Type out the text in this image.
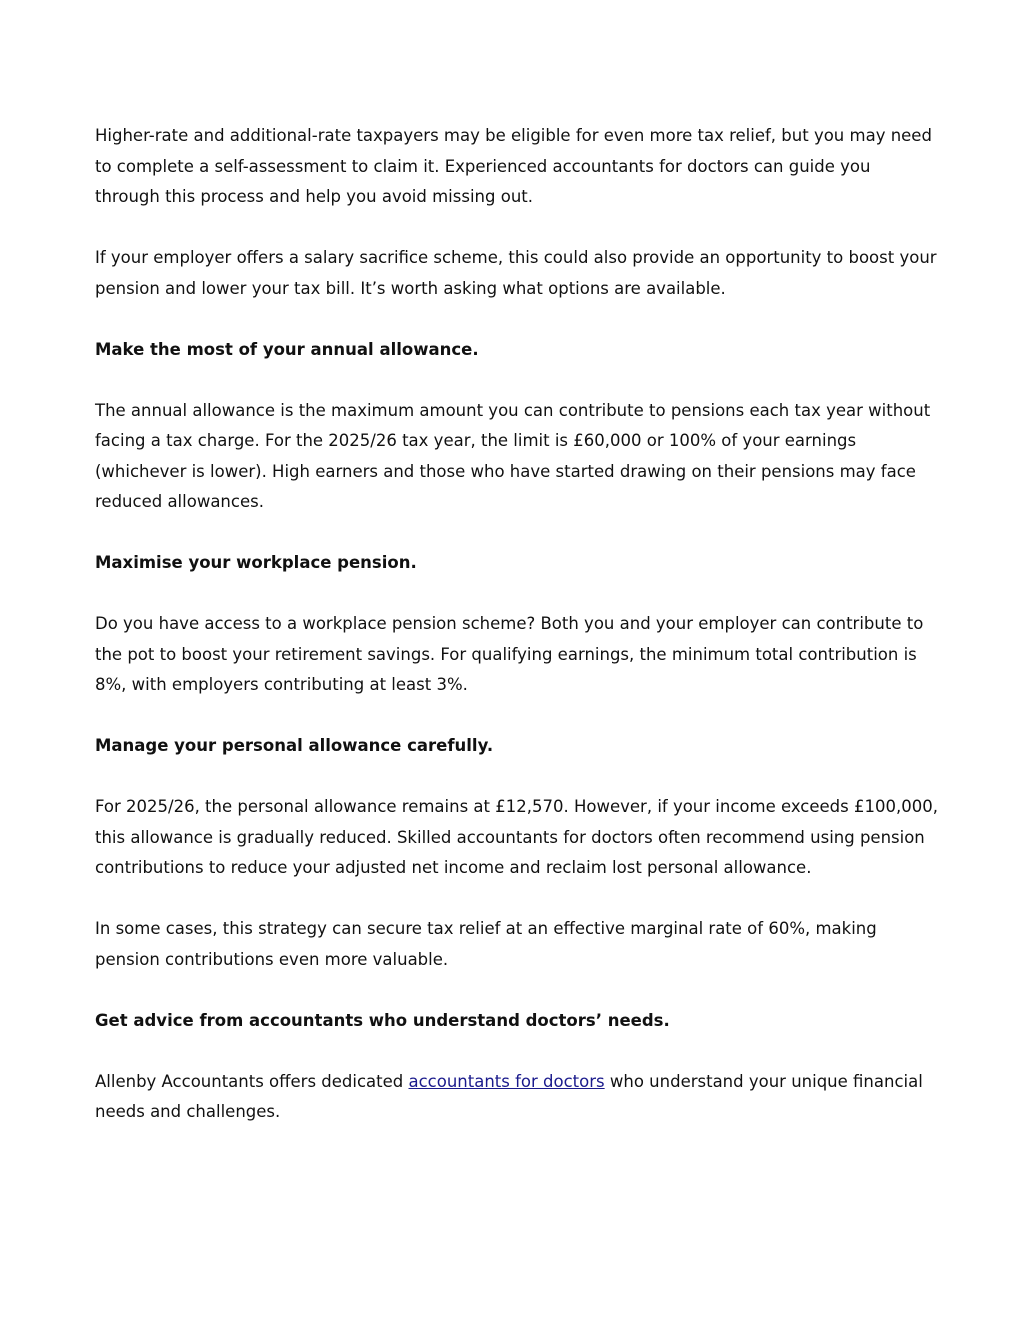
Higher-rate and additional-rate taxpayers may be eligible for even more tax relief, but you may need to complete a self-assessment to claim it. Experienced accountants for doctors can guide you through this process and help you avoid missing out.

If your employer offers a salary sacrifice scheme, this could also provide an opportunity to boost your pension and lower your tax bill. It’s worth asking what options are available.

Make the most of your annual allowance.

The annual allowance is the maximum amount you can contribute to pensions each tax year without facing a tax charge. For the 2025/26 tax year, the limit is £60,000 or 100% of your earnings (whichever is lower). High earners and those who have started drawing on their pensions may face reduced allowances.

Maximise your workplace pension.

Do you have access to a workplace pension scheme? Both you and your employer can contribute to the pot to boost your retirement savings. For qualifying earnings, the minimum total contribution is 8%, with employers contributing at least 3%.

Manage your personal allowance carefully.

For 2025/26, the personal allowance remains at £12,570. However, if your income exceeds £100,000, this allowance is gradually reduced. Skilled accountants for doctors often recommend using pension contributions to reduce your adjusted net income and reclaim lost personal allowance.

In some cases, this strategy can secure tax relief at an effective marginal rate of 60%, making pension contributions even more valuable.

Get advice from accountants who understand doctors’ needs.

Allenby Accountants offers dedicated accountants for doctors who understand your unique financial needs and challenges.
